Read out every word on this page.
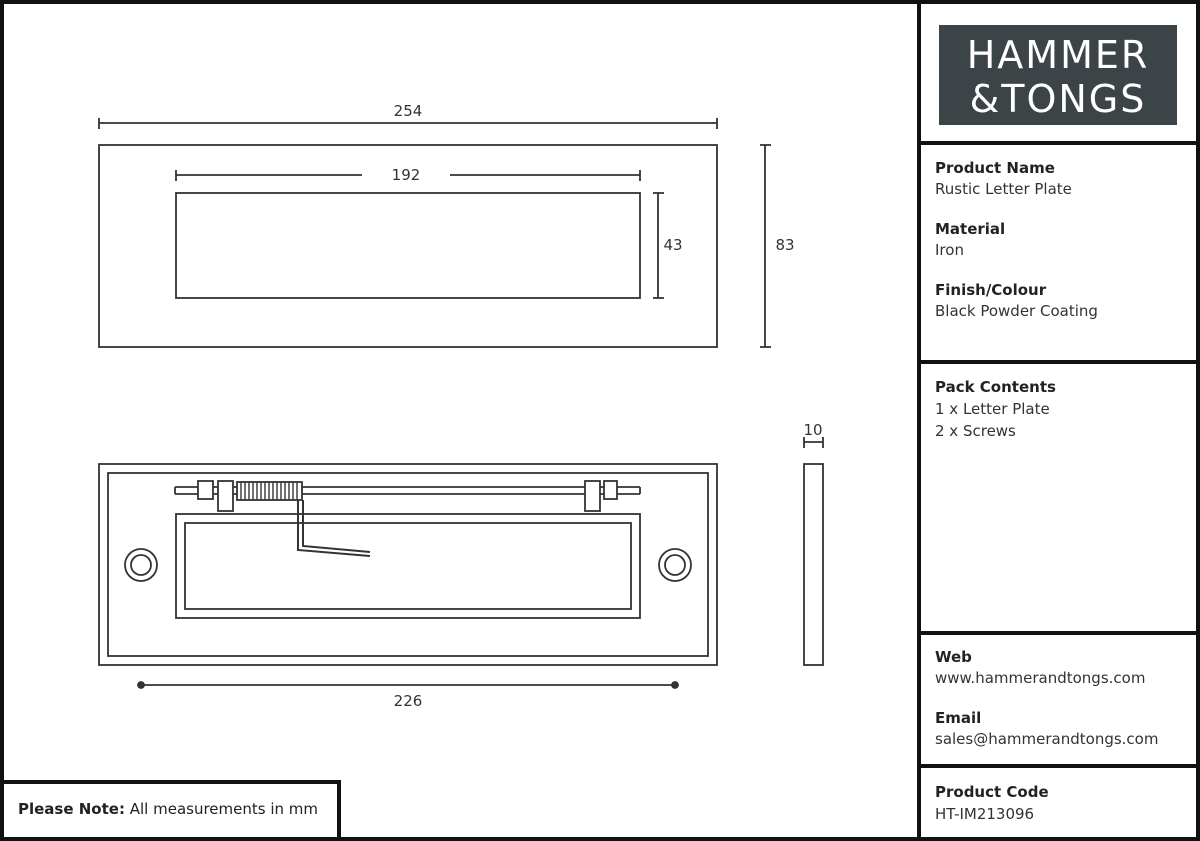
254
192
43	83
10
226
HAMMER
&TONGS
Product Name
Rustic Letter Plate
Material
Iron
Finish/Colour
Black Powder Coating
Pack Contents
1 x Letter Plate
2 x Screws
Web
www.hammerandtongs.com
Email
sales@hammerandtongs.com
Product Code
HT-IM213096
Please Note: All measurements in mm
